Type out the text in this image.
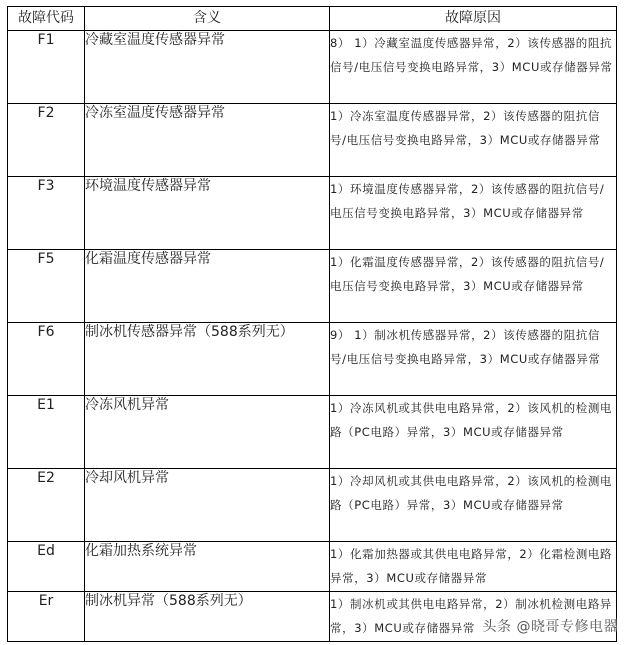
故障代码	含义	故障原因
F1	冷藏室温度传感器异常	8） 1）冷藏室温度传感器异常，2）该传感器的阻抗信号/电压信号变换电路异常，3）MCU或存储器异常
F2	冷冻室温度传感器异常	1）冷冻室温度传感器异常，2）该传感器的阻抗信号/电压信号变换电路异常，3）MCU或存储器异常
F3	环境温度传感器异常	1）环境温度传感器异常，2）该传感器的阻抗信号/电压信号变换电路异常，3）MCU或存储器异常
F5	化霜温度传感器异常	1）化霜温度传感器异常，2）该传感器的阻抗信号/电压信号变换电路异常，3）MCU或存储器异常
F6	制冰机传感器异常（588系列无）	9） 1）制冰机传感器异常，2）该传感器的阻抗信号/电压信号变换电路异常，3）MCU或存储器异常
E1	冷冻风机异常	1）冷冻风机或其供电电路异常，2）该风机的检测电路（PC电路）异常，3）MCU或存储器异常
E2	冷却风机异常	1）冷却风机或其供电电路异常，2）该风机的检测电路（PC电路）异常，3）MCU或存储器异常
Ed	化霜加热系统异常	1）化霜加热器或其供电电路异常，2）化霜检测电路异常，3）MCU或存储器异常
Er	制冰机异常（588系列无）	1）制冰机或其供电电路异常，2）制冰机检测电路异常，3）MCU或存储器异常 头条 @晓哥专修电器
